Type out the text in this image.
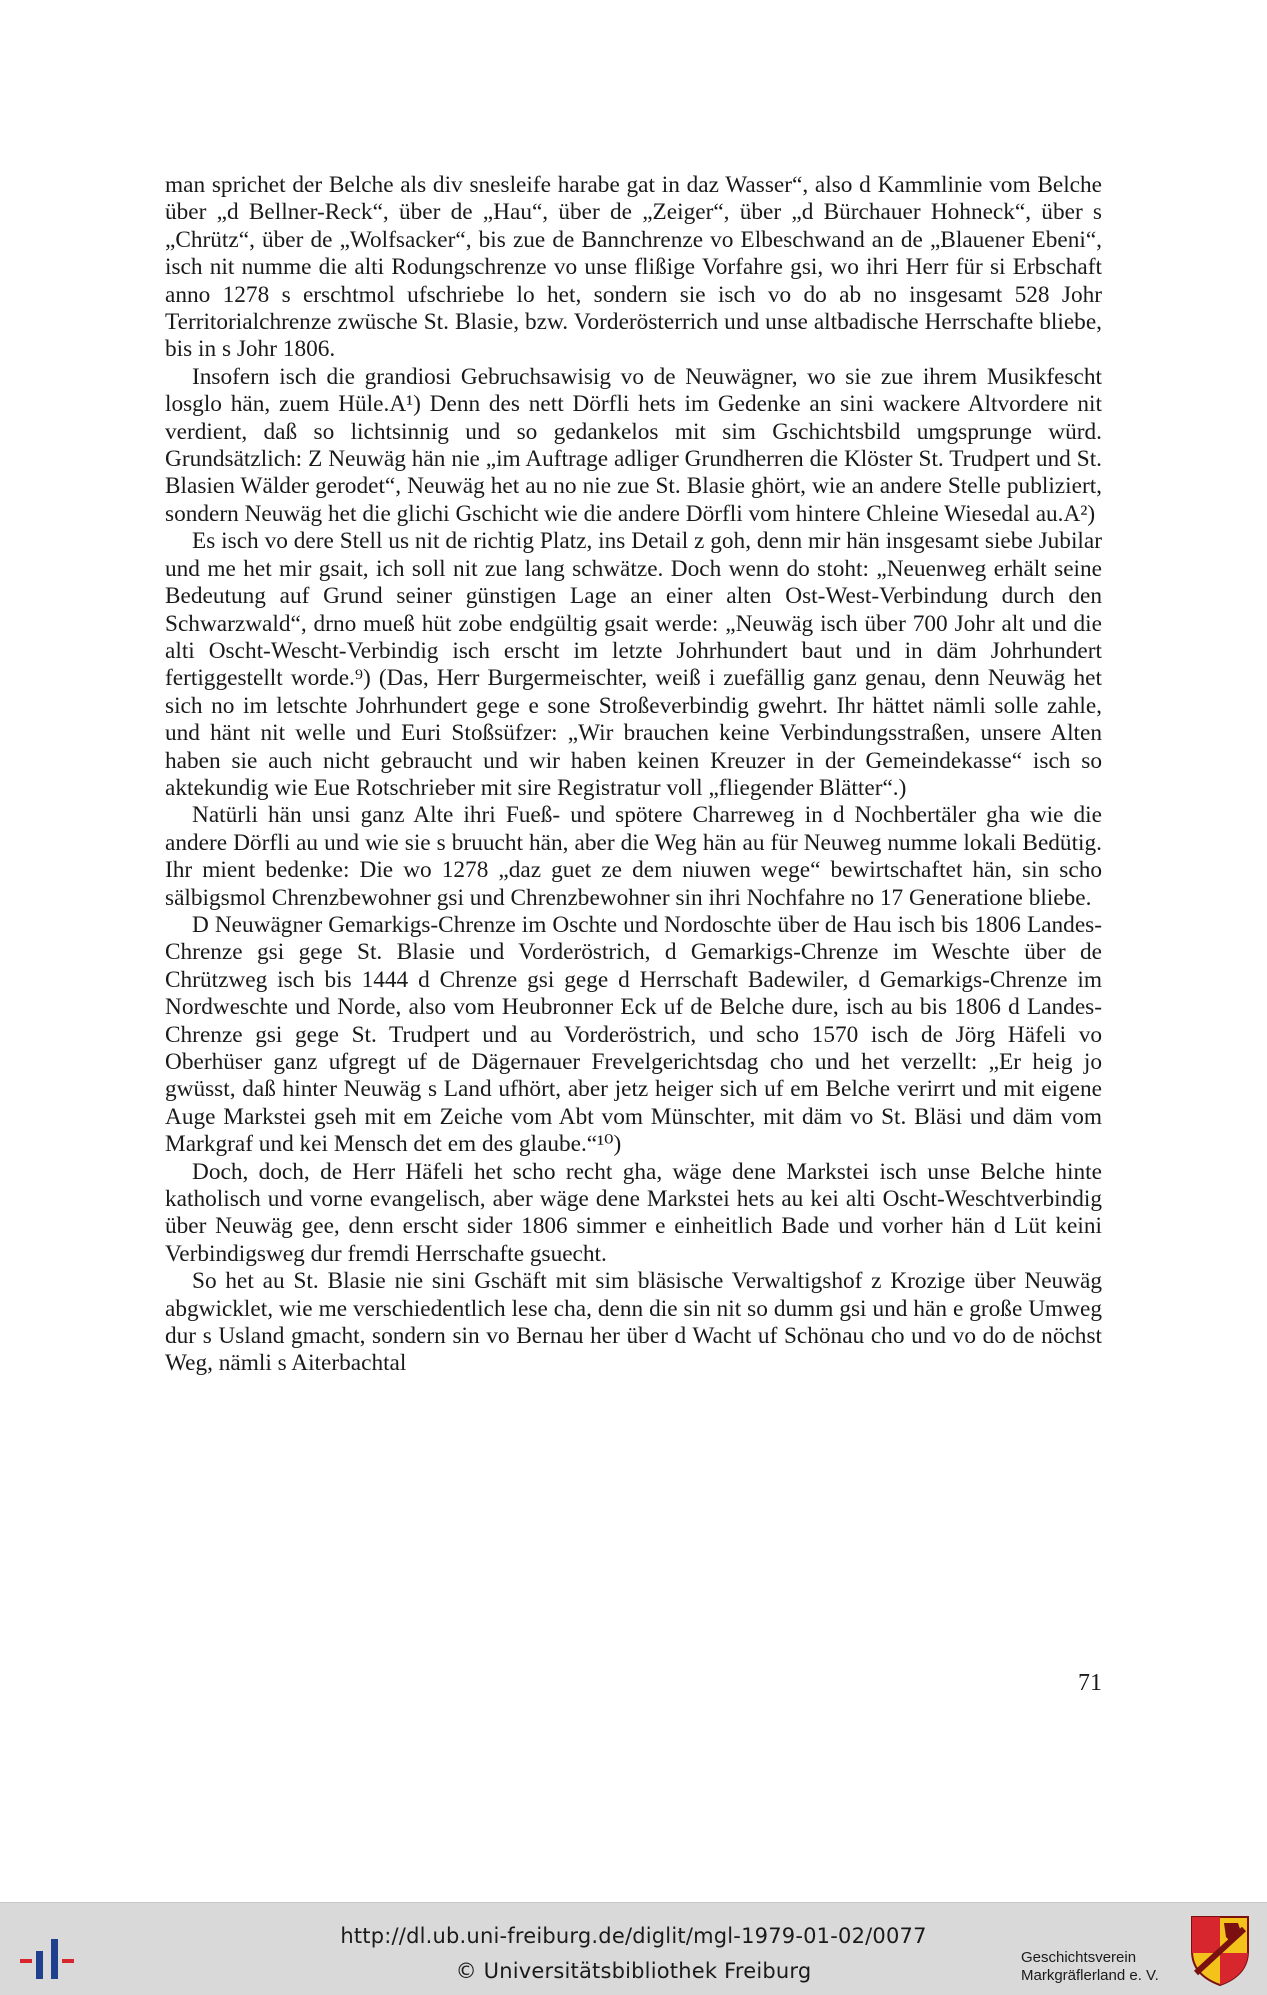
man sprichet der Belche als div snesleife harabe gat in daz Wasser“, also d Kammlinie vom Belche über „d Bellner-Reck“, über de „Hau“, über de „Zeiger“, über „d Bürchauer Hohneck“, über s „Chrütz“, über de „Wolfsacker“, bis zue de Bannchrenze vo Elbeschwand an de „Blauener Ebeni“, isch nit numme die alti Rodungschrenze vo unse flißige Vorfahre gsi, wo ihri Herr für si Erbschaft anno 1278 s erschtmol ufschriebe lo het, sondern sie isch vo do ab no insgesamt 528 Johr Territorialchrenze zwüsche St. Blasie, bzw. Vorderösterrich und unse altbadische Herrschafte bliebe, bis in s Johr 1806.

Insofern isch die grandiosi Gebruchsawisig vo de Neuwägner, wo sie zue ihrem Musikfescht losglo hän, zuem Hüle.A¹) Denn des nett Dörfli hets im Gedenke an sini wackere Altvordere nit verdient, daß so lichtsinnig und so gedankelos mit sim Gschichtsbild umgsprunge würd. Grundsätzlich: Z Neuwäg hän nie „im Auftrage adliger Grundherren die Klöster St. Trudpert und St. Blasien Wälder gerodet“, Neuwäg het au no nie zue St. Blasie ghört, wie an andere Stelle publiziert, sondern Neuwäg het die glichi Gschicht wie die andere Dörfli vom hintere Chleine Wiesedal au.A²)

Es isch vo dere Stell us nit de richtig Platz, ins Detail z goh, denn mir hän insgesamt siebe Jubilar und me het mir gsait, ich soll nit zue lang schwätze. Doch wenn do stoht: „Neuenweg erhält seine Bedeutung auf Grund seiner günstigen Lage an einer alten Ost-West-Verbindung durch den Schwarzwald“, drno mueß hüt zobe endgültig gsait werde: „Neuwäg isch über 700 Johr alt und die alti Oscht-Wescht-Verbindig isch erscht im letzte Johrhundert baut und in däm Johrhundert fertiggestellt worde.⁹) (Das, Herr Burgermeischter, weiß i zuefällig ganz genau, denn Neuwäg het sich no im letschte Johrhundert gege e sone Stroßeverbindig gwehrt. Ihr hättet nämli solle zahle, und hänt nit welle und Euri Stoßsüfzer: „Wir brauchen keine Verbindungsstraßen, unsere Alten haben sie auch nicht gebraucht und wir haben keinen Kreuzer in der Gemeindekasse“ isch so aktekundig wie Eue Rotschrieber mit sire Registratur voll „fliegender Blätter“.)

Natürli hän unsi ganz Alte ihri Fueß- und spötere Charreweg in d Nochbertäler gha wie die andere Dörfli au und wie sie s bruucht hän, aber die Weg hän au für Neuweg numme lokali Bedütig. Ihr mient bedenke: Die wo 1278 „daz guet ze dem niuwen wege“ bewirtschaftet hän, sin scho sälbigsmol Chrenzbewohner gsi und Chrenzbewohner sin ihri Nochfahre no 17 Generatione bliebe.

D Neuwägner Gemarkigs-Chrenze im Oschte und Nordoschte über de Hau isch bis 1806 Landes-Chrenze gsi gege St. Blasie und Vorderöstrich, d Gemarkigs-Chrenze im Weschte über de Chrützweg isch bis 1444 d Chrenze gsi gege d Herrschaft Badewiler, d Gemarkigs-Chrenze im Nordweschte und Norde, also vom Heubronner Eck uf de Belche dure, isch au bis 1806 d Landes-Chrenze gsi gege St. Trudpert und au Vorderöstrich, und scho 1570 isch de Jörg Häfeli vo Oberhüser ganz ufgregt uf de Dägernauer Frevelgerichtsdag cho und het verzellt: „Er heig jo gwüsst, daß hinter Neuwäg s Land ufhört, aber jetz heiger sich uf em Belche verirrt und mit eigene Auge Markstei gseh mit em Zeiche vom Abt vom Münschter, mit däm vo St. Bläsi und däm vom Markgraf und kei Mensch det em des glaube.“¹⁰)

Doch, doch, de Herr Häfeli het scho recht gha, wäge dene Markstei isch unse Belche hinte katholisch und vorne evangelisch, aber wäge dene Markstei hets au kei alti Oscht-Weschtverbindig über Neuwäg gee, denn erscht sider 1806 simmer e einheitlich Bade und vorher hän d Lüt keini Verbindigsweg dur fremdi Herrschafte gsuecht.

So het au St. Blasie nie sini Gschäft mit sim bläsische Verwaltigshof z Krozige über Neuwäg abgwicklet, wie me verschiedentlich lese cha, denn die sin nit so dumm gsi und hän e große Umweg dur s Usland gmacht, sondern sin vo Bernau her über d Wacht uf Schönau cho und vo do de nöchst Weg, nämli s Aiterbachtal

71
http://dl.ub.uni-freiburg.de/diglit/mgl-1979-01-02/0077
© Universitätsbibliothek Freiburg
Geschichtsverein
Markgräflerland e. V.
